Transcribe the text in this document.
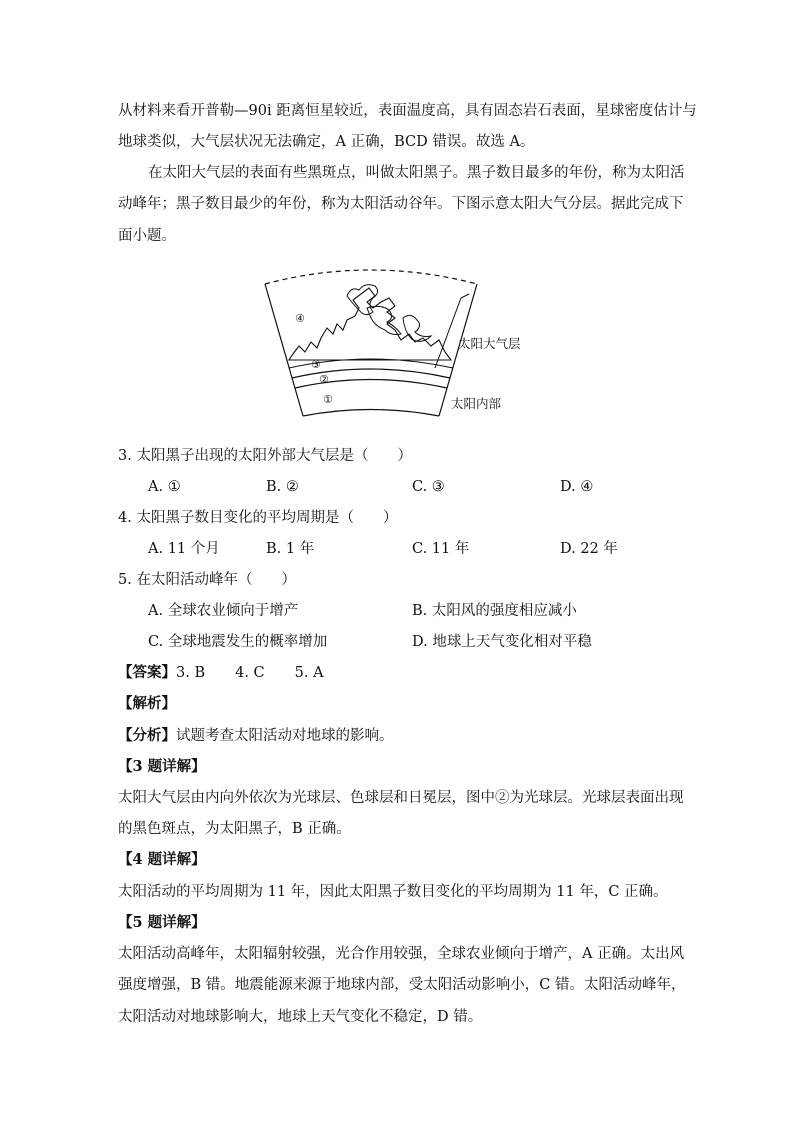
从材料来看开普勒—90i 距离恒星较近，表面温度高，具有固态岩石表面，星球密度估计与
地球类似，大气层状况无法确定，A 正确，BCD 错误。故选 A。
在太阳大气层的表面有些黑斑点，叫做太阳黑子。黑子数目最多的年份，称为太阳活
动峰年；黑子数目最少的年份，称为太阳活动谷年。下图示意太阳大气分层。据此完成下
面小题。
④
③
②
①
太阳大气层
太阳内部
3. 太阳黑子出现的太阳外部大气层是（　　）
A. ①	B. ②	C. ③	D. ④
4. 太阳黑子数目变化的平均周期是（　　）
A. 11 个月	B. 1 年	C. 11 年	D. 22 年
5. 在太阳活动峰年（　　）
A. 全球农业倾向于增产	B. 太阳风的强度相应减小
C. 全球地震发生的概率增加	D. 地球上天气变化相对平稳
【答案】3. B 4. C 5. A
【解析】
【分析】试题考查太阳活动对地球的影响。
【3 题详解】
太阳大气层由内向外依次为光球层、色球层和日冕层，图中②为光球层。光球层表面出现
的黑色斑点，为太阳黑子，B 正确。
【4 题详解】
太阳活动的平均周期为 11 年，因此太阳黑子数目变化的平均周期为 11 年，C 正确。
【5 题详解】
太阳活动高峰年，太阳辐射较强，光合作用较强，全球农业倾向于增产，A 正确。太出风
强度增强，B 错。地震能源来源于地球内部，受太阳活动影响小，C 错。太阳活动峰年，
太阳活动对地球影响大，地球上天气变化不稳定，D 错。
